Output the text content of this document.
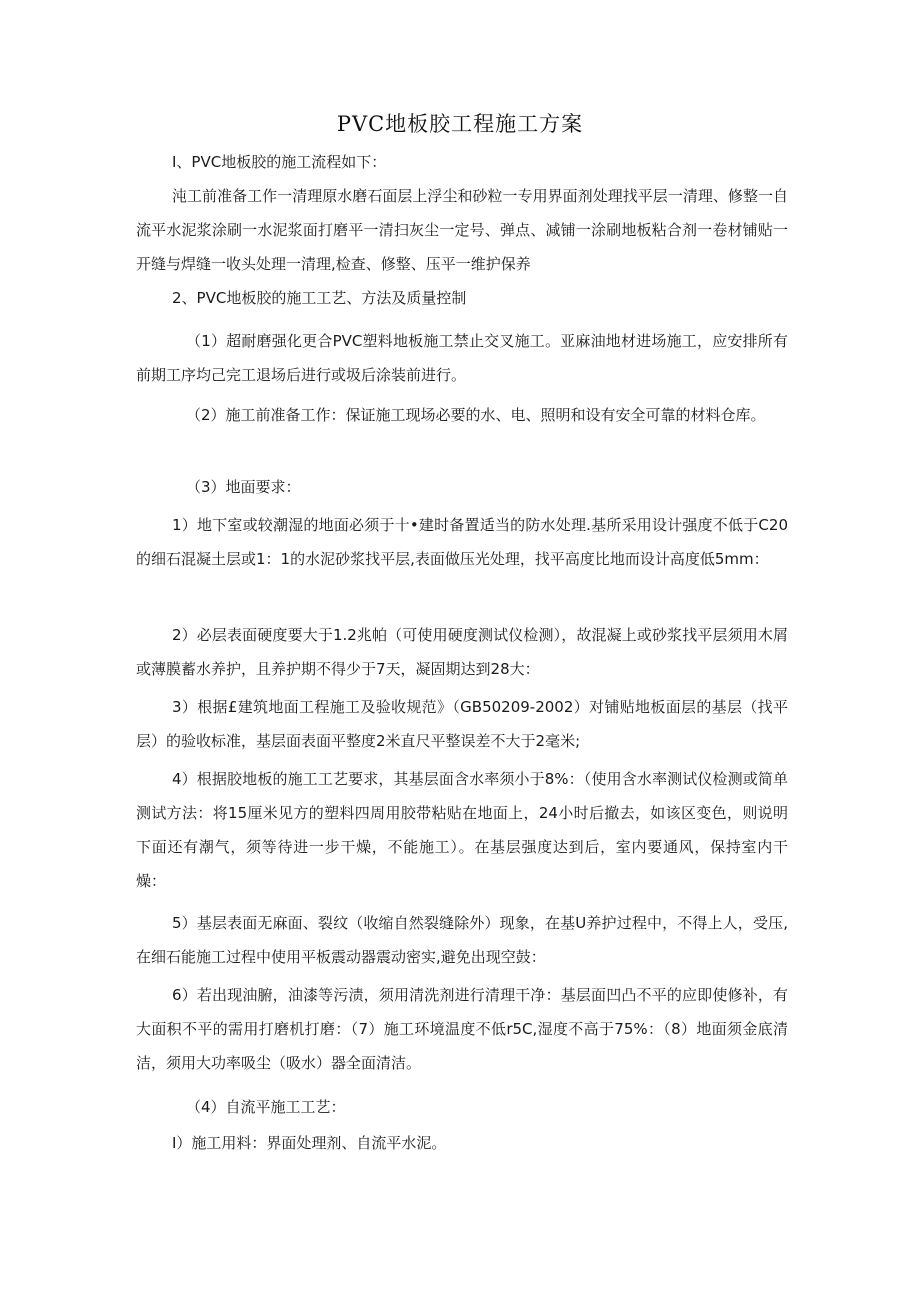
PVC地板胶工程施工方案

I、PVC地板胶的施工流程如下：

沌工前准备工作一清理原水磨石面层上浮尘和砂粒一专用界面剂处理找平层一清理、修整一自流平水泥浆涂刷一水泥浆面打磨平一清扫灰尘一定号、弹点、减铺一涂刷地板粘合剂一卷材铺贴一开缝与焊缝一收头处理一清理,检查、修整、压平一维护保养

2、PVC地板胶的施工工艺、方法及质量控制

（1）超耐磨强化更合PVC塑料地板施工禁止交叉施工。亚麻油地材进场施工，应安排所有前期工序均己完工退场后进行或圾后涂装前进行。

（2）施工前准备工作：保证施工现场必要的水、电、照明和设有安全可靠的材料仓库。

（3）地面要求：

1）地下室或较潮湿的地面必须于十•建时备置适当的防水处理.基所采用设计强度不低于C20的细石混凝土层或1：1的水泥砂浆找平层,表面做压光处理，找平高度比地而设计高度低5mm：

2）必层表面硬度要大于1.2兆帕（可使用硬度测试仪检测），故混凝上或砂浆找平层须用木屑或薄膜蓄水养护，且养护期不得少于7天，凝固期达到28大：

3）根据£建筑地面工程施工及验收规范》（GB50209-2002）对铺贴地板面层的基层（找平层）的验收标准，基层面表面平整度2米直尺平整误差不大于2毫米;

4）根据胶地板的施工工艺要求，其基层面含水率须小于8%：（使用含水率测试仪检测或简单测试方法：将15厘米见方的塑料四周用胶带粘贴在地面上，24小时后撤去，如该区变色，则说明下面还有潮气，须等待进一步干燥，不能施工）。在基层强度达到后，室内要通风，保持室内干燥：

5）基层表面无麻面、裂纹（收缩自然裂缝除外）现象，在基U养护过程中，不得上人，受压,在细石能施工过程中使用平板震动器震动密实,避免出现空鼓：

6）若出现油腑，油漆等污渍，须用清洗剂进行清理干净：基层面凹凸不平的应即使修补，有大面积不平的需用打磨机打磨：（7）施工环境温度不低r5C,湿度不高于75%：（8）地面须金底清洁，须用大功率吸尘（吸水）器全面清洁。

（4）自流平施工工艺：

I）施工用料：界面处理剂、自流平水泥。
